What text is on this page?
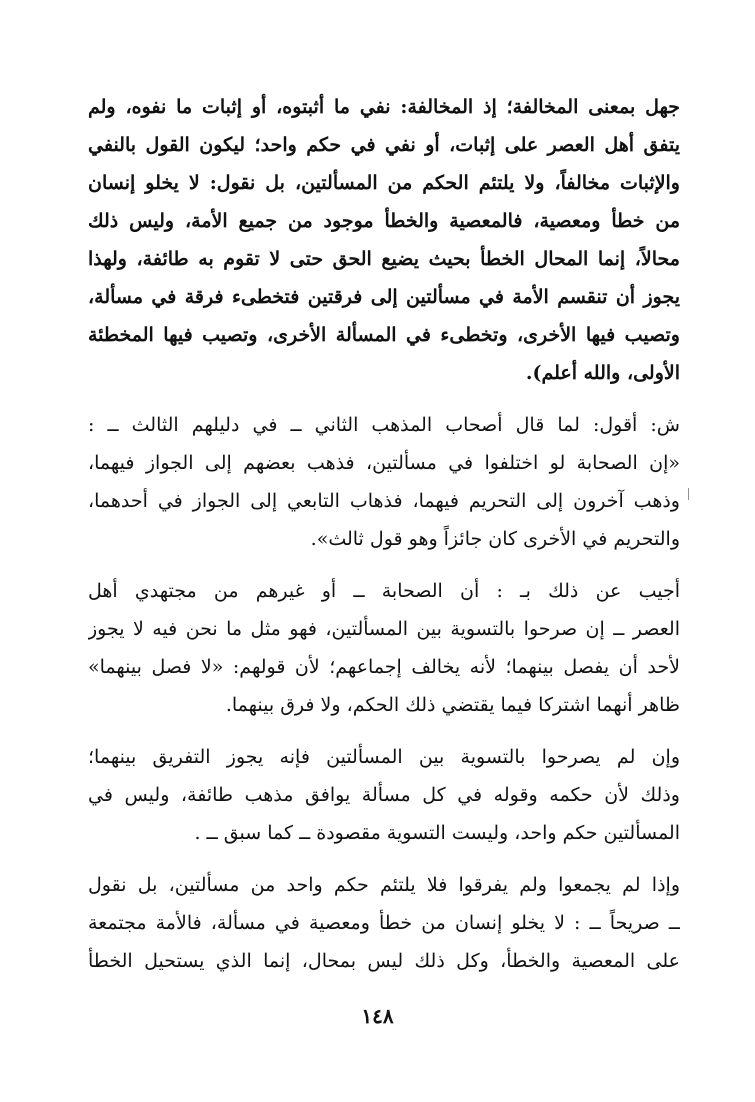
جهل بمعنى المخالفة؛ إذ المخالفة: نفي ما أثبتوه، أو إثبات ما نفوه، ولم
يتفق أهل العصر على إثبات، أو نفي في حكم واحد؛ ليكون القول بالنفي
والإثبات مخالفاً، ولا يلتئم الحكم من المسألتين، بل نقول: لا يخلو إنسان
من خطأ ومعصية، فالمعصية والخطأ موجود من جميع الأمة، وليس ذلك
محالاً، إنما المحال الخطأ بحيث يضيع الحق حتى لا تقوم به طائفة، ولهذا
يجوز أن تنقسم الأمة في مسألتين إلى فرقتين فتخطىء فرقة في مسألة،
وتصيب فيها الأخرى، وتخطىء في المسألة الأخرى، وتصيب فيها المخطئة
الأولى، والله أعلم).
ش: أقول: لما قال أصحاب المذهب الثاني ــ في دليلهم الثالث ــ :
«إن الصحابة لو اختلفوا في مسألتين، فذهب بعضهم إلى الجواز فيهما،
وذهب آخرون إلى التحريم فيهما، فذهاب التابعي إلى الجواز في أحدهما،
والتحريم في الأخرى كان جائزاً وهو قول ثالث».
أجيب عن ذلك بـ : أن الصحابة ــ أو غيرهم من مجتهدي أهل
العصر ــ إن صرحوا بالتسوية بين المسألتين، فهو مثل ما نحن فيه لا يجوز
لأحد أن يفصل بينهما؛ لأنه يخالف إجماعهم؛ لأن قولهم: «لا فصل بينهما»
ظاهر أنهما اشتركا فيما يقتضي ذلك الحكم، ولا فرق بينهما.
وإن لم يصرحوا بالتسوية بين المسألتين فإنه يجوز التفريق بينهما؛
وذلك لأن حكمه وقوله في كل مسألة يوافق مذهب طائفة، وليس في
المسألتين حكم واحد، وليست التسوية مقصودة ــ كما سبق ــ .
وإذا لم يجمعوا ولم يفرقوا فلا يلتئم حكم واحد من مسألتين، بل نقول
ــ صريحاً ــ : لا يخلو إنسان من خطأ ومعصية في مسألة، فالأمة مجتمعة
على المعصية والخطأ، وكل ذلك ليس بمحال، إنما الذي يستحيل الخطأ
١٤٨
